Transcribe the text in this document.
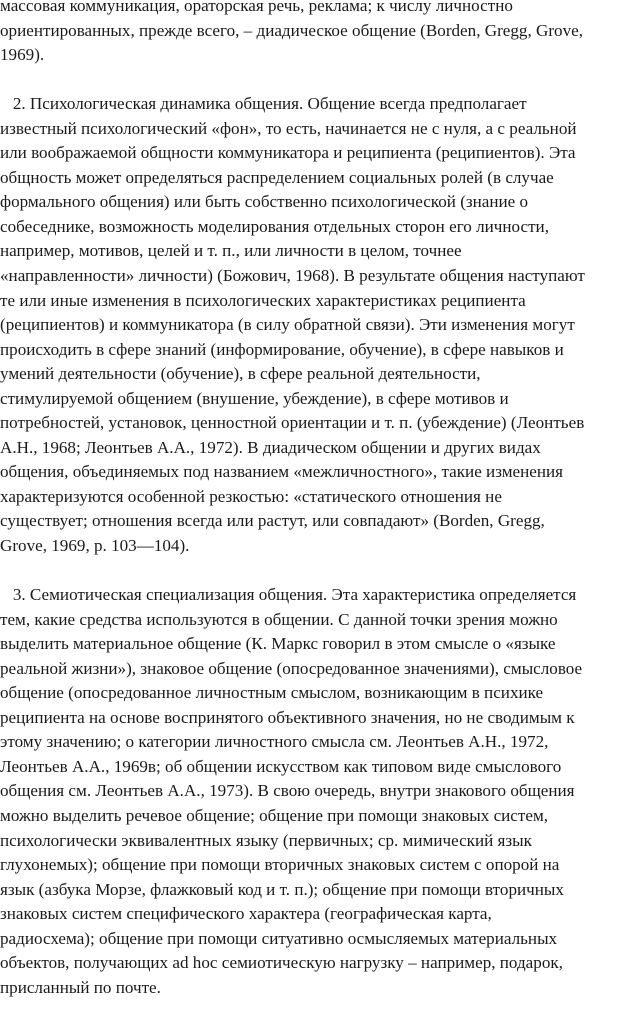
массовая коммуникация, ораторская речь, реклама; к числу личностно
ориентированных, прежде всего, – диадическое общение (Borden, Gregg, Grove,
1969).
2. Психологическая динамика общения. Общение всегда предполагает
известный психологический «фон», то есть, начинается не с нуля, а с реальной
или воображаемой общности коммуникатора и реципиента (реципиентов). Эта
общность может определяться распределением социальных ролей (в случае
формального общения) или быть собственно психологической (знание о
собеседнике, возможность моделирования отдельных сторон его личности,
например, мотивов, целей и т. п., или личности в целом, точнее
«направленности» личности) (Божович, 1968). В результате общения наступают
те или иные изменения в психологических характеристиках реципиента
(реципиентов) и коммуникатора (в силу обратной связи). Эти изменения могут
происходить в сфере знаний (информирование, обучение), в сфере навыков и
умений деятельности (обучение), в сфере реальной деятельности,
стимулируемой общением (внушение, убеждение), в сфере мотивов и
потребностей, установок, ценностной ориентации и т. п. (убеждение) (Леонтьев
А.Н., 1968; Леонтьев А.А., 1972). В диадическом общении и других видах
общения, объединяемых под названием «межличностного», такие изменения
характеризуются особенной резкостью: «статического отношения не
существует; отношения всегда или растут, или совпадают» (Borden, Gregg,
Grove, 1969, p. 103—104).
3. Семиотическая специализация общения. Эта характеристика определяется
тем, какие средства используются в общении. С данной точки зрения можно
выделить материальное общение (К. Маркс говорил в этом смысле о «языке
реальной жизни»), знаковое общение (опосредованное значениями), смысловое
общение (опосредованное личностным смыслом, возникающим в психике
реципиента на основе воспринятого объективного значения, но не сводимым к
этому значению; о категории личностного смысла см. Леонтьев А.Н., 1972,
Леонтьев А.А., 1969в; об общении искусством как типовом виде смыслового
общения см. Леонтьев А.А., 1973). В свою очередь, внутри знакового общения
можно выделить речевое общение; общение при помощи знаковых систем,
психологически эквивалентных языку (первичных; ср. мимический язык
глухонемых); общение при помощи вторичных знаковых систем с опорой на
язык (азбука Морзе, флажковый код и т. п.); общение при помощи вторичных
знаковых систем специфического характера (географическая карта,
радиосхема); общение при помощи ситуативно осмысляемых материальных
объектов, получающих ad hoc семиотическую нагрузку – например, подарок,
присланный по почте.
